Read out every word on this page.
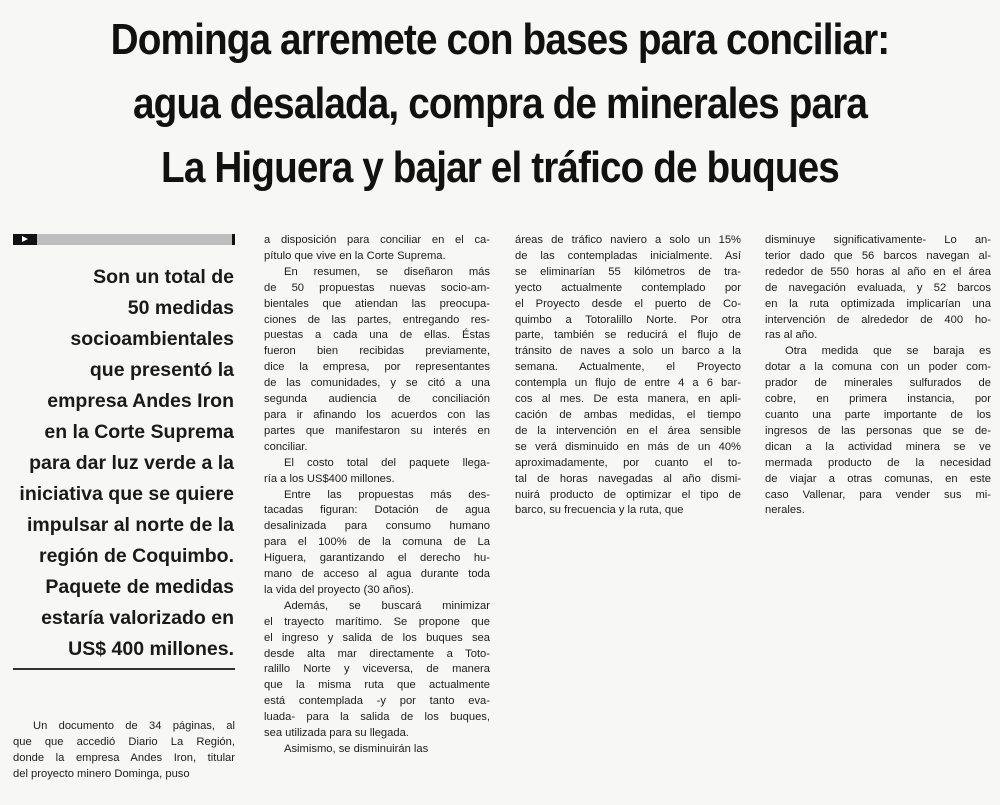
Dominga arremete con bases para conciliar:
agua desalada, compra de minerales para
La Higuera y bajar el tráfico de buques
Son un total de
50 medidas
socioambientales
que presentó la
empresa Andes Iron
en la Corte Suprema
para dar luz verde a la
iniciativa que se quiere
impulsar al norte de la
región de Coquimbo.
Paquete de medidas
estaría valorizado en
US$ 400 millones.
Un documento de 34 páginas, al
que que accedió Diario La Región,
donde la empresa Andes Iron, titular
del proyecto minero Dominga, puso
a disposición para conciliar en el ca-
pítulo que vive en la Corte Suprema.
En resumen, se diseñaron más
de 50 propuestas nuevas socio-am-
bientales que atiendan las preocupa-
ciones de las partes, entregando res-
puestas a cada una de ellas. Éstas
fueron bien recibidas previamente,
dice la empresa, por representantes
de las comunidades, y se citó a una
segunda audiencia de conciliación
para ir afinando los acuerdos con las
partes que manifestaron su interés en
conciliar.
El costo total del paquete llega-
ría a los US$400 millones.
Entre las propuestas más des-
tacadas figuran: Dotación de agua
desalinizada para consumo humano
para el 100% de la comuna de La
Higuera, garantizando el derecho hu-
mano de acceso al agua durante toda
la vida del proyecto (30 años).
Además, se buscará minimizar
el trayecto marítimo. Se propone que
el ingreso y salida de los buques sea
desde alta mar directamente a Toto-
ralillo Norte y viceversa, de manera
que la misma ruta que actualmente
está contemplada -y por tanto eva-
luada- para la salida de los buques,
sea utilizada para su llegada.
Asimismo, se disminuirán las
áreas de tráfico naviero a solo un 15%
de las contempladas inicialmente. Así
se eliminarían 55 kilómetros de tra-
yecto actualmente contemplado por
el Proyecto desde el puerto de Co-
quimbo a Totoralillo Norte. Por otra
parte, también se reducirá el flujo de
tránsito de naves a solo un barco a la
semana. Actualmente, el Proyecto
contempla un flujo de entre 4 a 6 bar-
cos al mes. De esta manera, en apli-
cación de ambas medidas, el tiempo
de la intervención en el área sensible
se verá disminuido en más de un 40%
aproximadamente, por cuanto el to-
tal de horas navegadas al año dismi-
nuirá producto de optimizar el tipo de
barco, su frecuencia y la ruta, que
disminuye significativamente- Lo an-
terior dado que 56 barcos navegan al-
rededor de 550 horas al año en el área
de navegación evaluada, y 52 barcos
en la ruta optimizada implicarían una
intervención de alrededor de 400 ho-
ras al año.
Otra medida que se baraja es
dotar a la comuna con un poder com-
prador de minerales sulfurados de
cobre, en primera instancia, por
cuanto una parte importante de los
ingresos de las personas que se de-
dican a la actividad minera se ve
mermada producto de la necesidad
de viajar a otras comunas, en este
caso Vallenar, para vender sus mi-
nerales.
